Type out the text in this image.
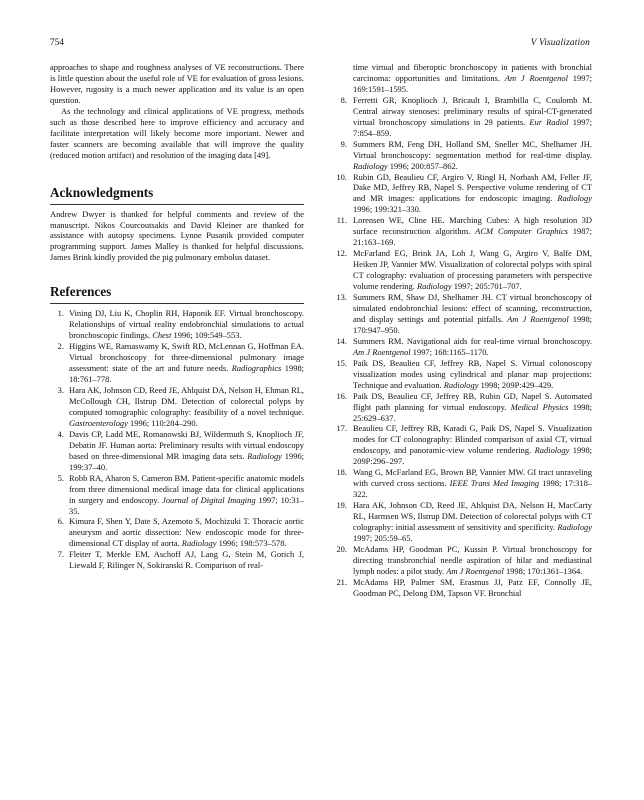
754	V Visualization

approaches to shape and roughness analyses of VE reconstructions. There is little question about the useful role of VE for evaluation of gross lesions. However, rugosity is a much newer application and its value is an open question.

As the technology and clinical applications of VE progress, methods such as those described here to improve efficiency and accuracy and facilitate interpretation will likely become more important. Newer and faster scanners are becoming available that will improve the quality (reduced motion artifact) and resolution of the imaging data [49].

Acknowledgments

Andrew Dwyer is thanked for helpful comments and review of the manuscript. Nikos Courcoutsakis and David Kleiner are thanked for assistance with autopsy specimens. Lynne Pusanik provided computer programming support. James Malley is thanked for helpful discussions. James Brink kindly provided the pig pulmonary embolus dataset.

References
1. Vining DJ, Liu K, Choplin RH, Haponik EF. Virtual bronchoscopy. Relationships of virtual reality endobronchial simulations to actual bronchoscopic findings. Chest 1996; 109:549–553.
2. Higgins WE, Ramaswamy K, Swift RD, McLennan G, Hoffman EA. Virtual bronchoscopy for three-dimensional pulmonary image assessment: state of the art and future needs. Radiographics 1998; 18:761–778.
3. Hara AK, Johnson CD, Reed JE, Ahlquist DA, Nelson H, Ehman RL, McCollough CH, Ilstrup DM. Detection of colorectal polyps by computed tomographic colography: feasibility of a novel technique. Gastroenterology 1996; 110:284–290.
4. Davis CP, Ladd ME, Romanowski BJ, Wildermuth S, Knoplioch JF, Debatin JF. Human aorta: Preliminary results with virtual endoscopy based on three-dimensional MR imaging data sets. Radiology 1996; 199:37–40.
5. Robb RA, Aharon S, Cameron BM. Patient-specific anatomic models from three dimensional medical image data for clinical applications in surgery and endoscopy. Journal of Digital Imaging 1997; 10:31–35.
6. Kimura F, Shen Y, Date S, Azemoto S, Mochizuki T. Thoracic aortic aneurysm and aortic dissection: New endoscopic mode for three-dimensional CT display of aorta. Radiology 1996; 198:573–578.
7. Fleiter T, Merkle EM, Aschoff AJ, Lang G, Stein M, Gorich J, Liewald F, Rilinger N, Sokiranski R. Comparison of real-
time virtual and fiberoptic bronchoscopy in patients with bronchial carcinoma: opportunities and limitations. Am J Roentgenol 1997; 169:1591–1595.
8. Ferretti GR, Knoplioch J, Bricault I, Brambilla C, Coulomb M. Central airway stenoses: preliminary results of spiral-CT-generated virtual bronchoscopy simulations in 29 patients. Eur Radiol 1997; 7:854–859.
9. Summers RM, Feng DH, Holland SM, Sneller MC, Shelhamer JH. Virtual bronchoscopy: segmentation method for real-time display. Radiology 1996; 200:857–862.
10. Rubin GD, Beaulieu CF, Argiro V, Ringl H, Norbash AM, Feller JF, Dake MD, Jeffrey RB, Napel S. Perspective volume rendering of CT and MR images: applications for endoscopic imaging. Radiology 1996; 199:321–330.
11. Lorensen WE, Cline HE. Marching Cubes: A high resolution 3D surface reconstruction algorithm. ACM Computer Graphics 1987; 21:163–169.
12. McFarland EG, Brink JA, Loh J, Wang G, Argiro V, Balfe DM, Heiken JP, Vannier MW. Visualization of colorectal polyps with spiral CT colography: evaluation of processing parameters with perspective volume rendering. Radiology 1997; 205:701–707.
13. Summers RM, Shaw DJ, Shelhamer JH. CT virtual bronchoscopy of simulated endobronchial lesions: effect of scanning, reconstruction, and display settings and potential pitfalls. Am J Roentgenol 1998; 170:947–950.
14. Summers RM. Navigational aids for real-time virtual bronchoscopy. Am J Roentgenol 1997; 168:1165–1170.
15. Paik DS, Beaulieu CF, Jeffrey RB, Napel S. Virtual colonoscopy visualization modes using cylindrical and planar map projections: Technique and evaluation. Radiology 1998; 209P:429–429.
16. Paik DS, Beaulieu CF, Jeffrey RB, Rubin GD, Napel S. Automated flight path planning for virtual endoscopy. Medical Physics 1998; 25:629–637.
17. Beaulieu CF, Jeffrey RB, Karadi G, Paik DS, Napel S. Visualization modes for CT colonography: Blinded comparison of axial CT, virtual endoscopy, and panoramic-view volume rendering. Radiology 1998; 209P:296–297.
18. Wang G, McFarland EG, Brown BP, Vannier MW. GI tract unraveling with curved cross sections. IEEE Trans Med Imaging 1998; 17:318–322.
19. Hara AK, Johnson CD, Reed JE, Ahlquist DA, Nelson H, MacCarty RL, Harmsen WS, Ilstrup DM. Detection of colorectal polyps with CT colography: initial assessment of sensitivity and specificity. Radiology 1997; 205:59–65.
20. McAdams HP, Goodman PC, Kussin P. Virtual bronchoscopy for directing transbronchial needle aspiration of hilar and mediastinal lymph nodes: a pilot study. Am J Roentgenol 1998; 170:1361–1364.
21. McAdams HP, Palmer SM, Erasmus JJ, Patz EF, Connolly JE, Goodman PC, Delong DM, Tapson VF. Bronchial
